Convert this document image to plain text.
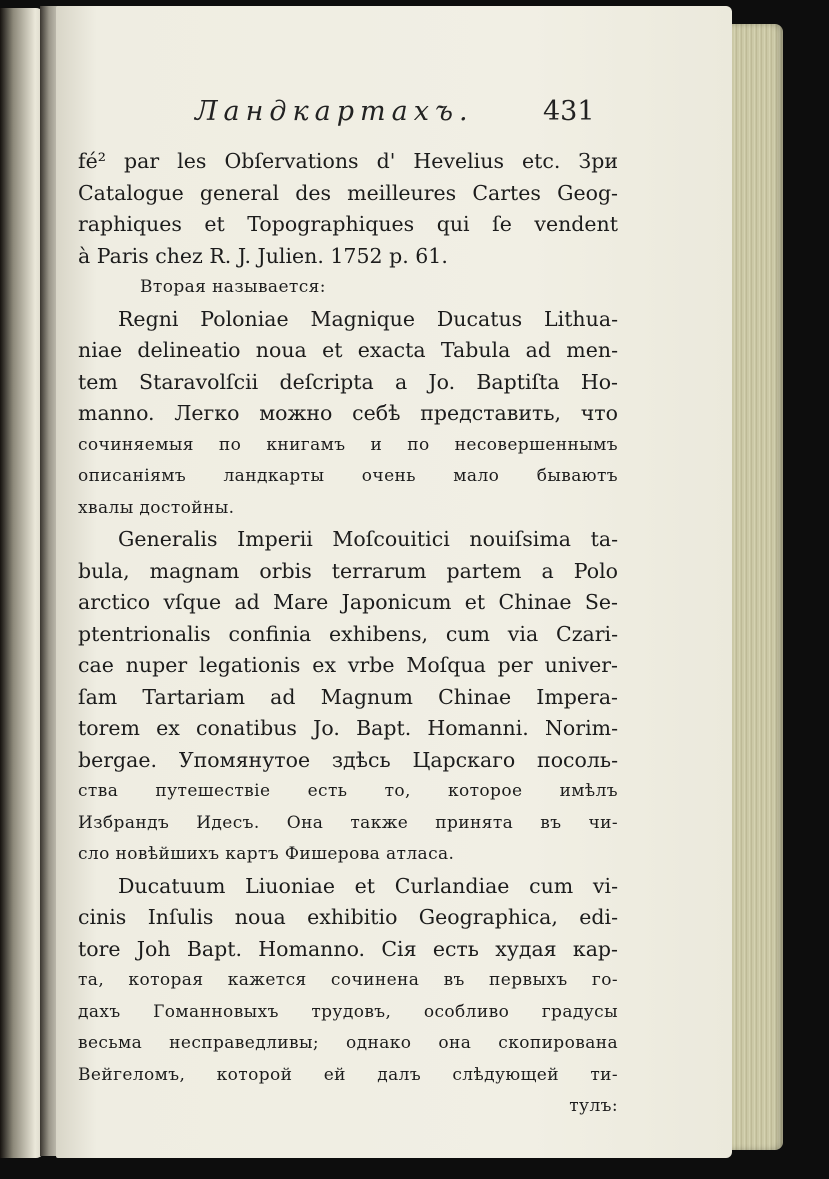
Ландкартахъ.	431
fé² par les Obſervations d' Hevelius etc. Зри
Catalogue general des meilleures Cartes Geog-
raphiques et Topographiques qui ſe vendent
à Paris chez R. J. Julien. 1752 p. 61.
Вторая называется:
Regni Poloniae Magnique Ducatus Lithua-
niae delineatio noua et exacta Tabula ad men-
tem Staravolſcii deſcripta a Jo. Baptiſta Ho-
manno. Легко можно себѣ представить, что
сочиняемыя по книгамъ и по несовершеннымъ
описаніямъ ландкарты очень мало бываютъ
хвалы достойны.
Generalis Imperii Moſcouitici nouiſsima ta-
bula, magnam orbis terrarum partem a Polo
arctico vſque ad Mare Japonicum et Chinae Se-
ptentrionalis confinia exhibens, cum via Czari-
cae nuper legationis ex vrbe Moſqua per univer-
ſam Tartariam ad Magnum Chinae Impera-
torem ex conatibus Jo. Bapt. Homanni. Norim-
bergae. Упомянутое здѣсь Царскаго посоль-
ства путешествіе есть то, которое имѣлъ
Избрандъ Идесъ. Она также принята въ чи-
сло новѣйшихъ картъ Фишерова атласа.
Ducatuum Liuoniae et Curlandiae cum vi-
cinis Inſulis noua exhibitio Geographica, edi-
tore Joh Bapt. Homanno. Сія есть худая кар-
та, которая кажется сочинена въ первыхъ го-
дахъ Гоманновыхъ трудовъ, особливо градусы
весьма несправедливы; однако она скопирована
Вейгеломъ, которой ей далъ слѣдующей ти-
тулъ:
